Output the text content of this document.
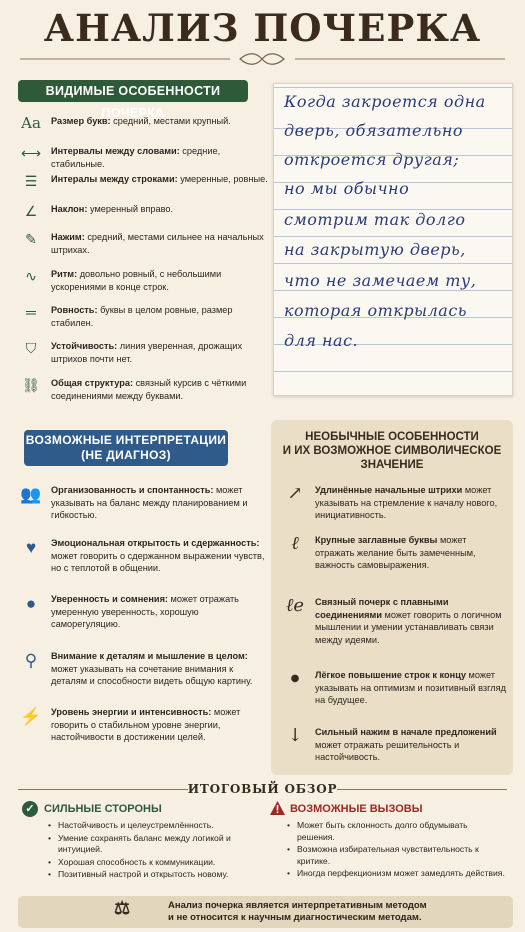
АНАЛИЗ ПОЧЕРКА
ВИДИМЫЕ ОСОБЕННОСТИ ПОЧЕРКА
Aa Размер букв: средний, местами крупный.
⟷ Интервалы между словами: средние, стабильные.
☰	Интералы между строками: умеренные, ровные.
∠	Наклон: умеренный вправо.
✎	Нажим: средний, местами сильнее на начальных штрихах.
∿	Ритм: довольно ровный, с небольшими ускорениями в конце строк.
═	Ровность: буквы в целом ровные, размер стабилен.
⛉	Устойчивость: линия уверенная, дрожащих штрихов почти нет.
⛓ Общая структура: связный курсив с чёткими соединениями между буквами.
Когда закроется одна
дверь, обязательно
откроется другая;
но мы обычно
смотрим так долго
на закрытую дверь,
что не замечаем ту,
которая открылась
для нас.
ВОЗМОЖНЫЕ ИНТЕРПРЕТАЦИИ
(НЕ ДИАГНОЗ)
👥 Организованность и спонтанность: может указывать на баланс между планированием и гибкостью.
♥	Эмоциональная открытость и сдержанность: может говорить о сдержанном выражении чувств, но с теплотой в общении.
●	Уверенность и сомнения: может отражать умеренную уверенность, хорошую саморегуляцию.
⚲	Внимание к деталям и мышление в целом: может указывать на сочетание внимания к деталям и способности видеть общую картину.
⚡ Уровень энергии и интенсивность: может говорить о стабильном уровне энергии, настойчивости в достижении целей.
НЕОБЫЧНЫЕ ОСОБЕННОСТИ
И ИХ ВОЗМОЖНОЕ СИМВОЛИЧЕСКОЕ
ЗНАЧЕНИЕ
↗ Удлинённые начальные штрихи может указывать на стремление к началу нового, инициативность.
ℓ	Крупные заглавные буквы может отражать желание быть замеченным, важность самовыражения.
ℓe Связный почерк с плавными соединениями может говорить о логичном мышлении и умении устанавливать связи между идеями.
●	Лёгкое повышение строк к концу может указывать на оптимизм и позитивный взгляд на будущее.
↓ Сильный нажим в начале предложений может отражать решительность и настойчивость.
ИТОГОВЫЙ ОБЗОР
✓ СИЛЬНЫЕ СТОРОНЫ
• Настойчивость и целеустремлённость.
• Умение сохранять баланс между логикой и интуицией.
• Хорошая способность к коммуникации.
• Позитивный настрой и открытость новому.
ВОЗМОЖНЫЕ ВЫЗОВЫ
• Может быть склонность долго обдумывать решения.
• Возможна избирательная чувствительность к критике.
• Иногда перфекционизм может замедлять действия.
⚖	Анализ почерка является интерпретативным методом
и не относится к научным диагностическим методам.
